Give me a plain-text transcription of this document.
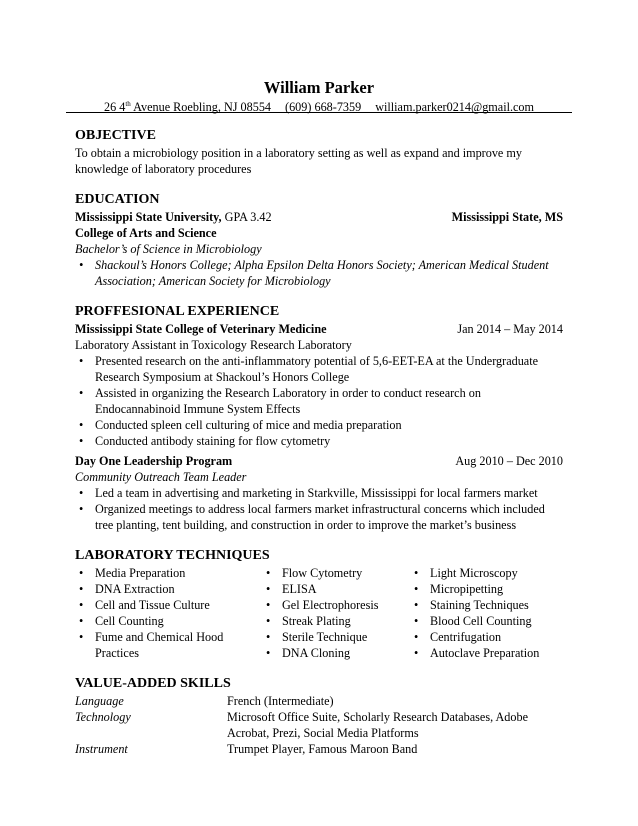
William Parker
26 4th Avenue Roebling, NJ 08554 (609) 668-7359 william.parker0214@gmail.com
OBJECTIVE

To obtain a microbiology position in a laboratory setting as well as expand and improve my

knowledge of laboratory procedures

EDUCATION

Mississippi State University, GPA 3.42	Mississippi State, MS

College of Arts and Science

Bachelor’s of Science in Microbiology

• Shackoul’s Honors College; Alpha Epsilon Delta Honors Society; American Medical Student
Association; American Society for Microbiology
PROFFESIONAL EXPERIENCE

Mississippi State College of Veterinary Medicine	Jan 2014 – May 2014

Laboratory Assistant in Toxicology Research Laboratory

• Presented research on the anti-inflammatory potential of 5,6-EET-EA at the Undergraduate
Research Symposium at Shackoul’s Honors College
• Assisted in organizing the Research Laboratory in order to conduct research on
Endocannabinoid Immune System Effects
• Conducted spleen cell culturing of mice and media preparation
• Conducted antibody staining for flow cytometry

Day One Leadership Program	Aug 2010 – Dec 2010

Community Outreach Team Leader

• Led a team in advertising and marketing in Starkville, Mississippi for local farmers market
• Organized meetings to address local farmers market infrastructural concerns which included
tree planting, tent building, and construction in order to improve the market’s business
LABORATORY TECHNIQUES
• Media Preparation
• DNA Extraction
• Cell and Tissue Culture
• Cell Counting
• Fume and Chemical Hood
Practices
• Flow Cytometry
• ELISA
• Gel Electrophoresis
• Streak Plating
• Sterile Technique
• DNA Cloning
• Light Microscopy
• Micropipetting
• Staining Techniques
• Blood Cell Counting
• Centrifugation
• Autoclave Preparation
VALUE-ADDED SKILLS

Language	French (Intermediate)

Technology	Microsoft Office Suite, Scholarly Research Databases, Adobe
Acrobat, Prezi, Social Media Platforms

Instrument	Trumpet Player, Famous Maroon Band
